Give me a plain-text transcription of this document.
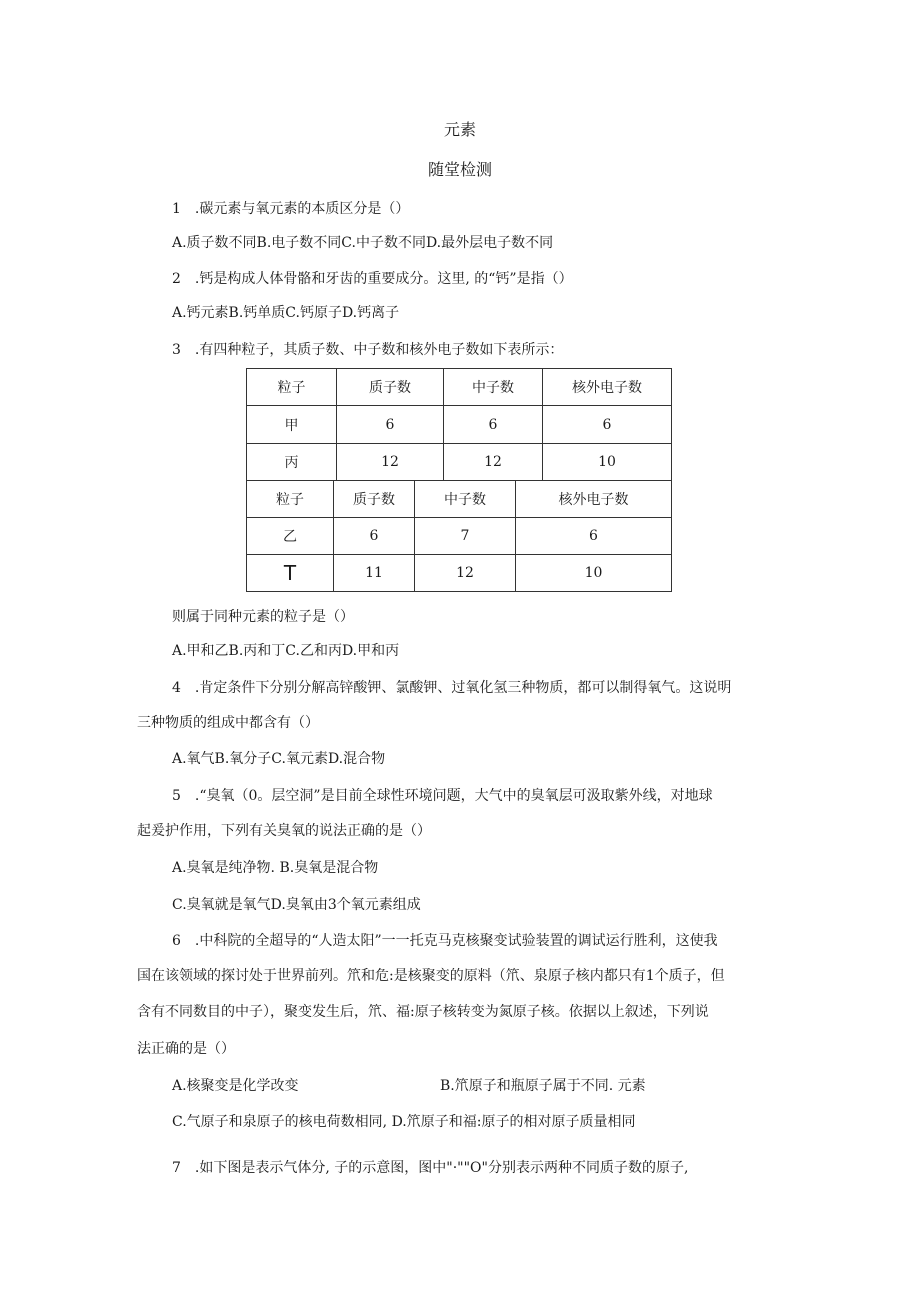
元素
随堂检测
1　.碳元素与氧元素的本质区分是（）
A.质子数不同B.电子数不同C.中子数不同D.最外层电子数不同
2　.钙是构成人体骨骼和牙齿的重要成分。这里, 的“钙”是指（）
A.钙元素B.钙单质C.钙原子D.钙离子
3　.有四种粒子，其质子数、中子数和核外电子数如下表所示：
粒子	质子数	中子数	核外电子数
甲	6	6	6
丙	12	12	10
粒子	质子数	中子数	核外电子数
乙	6	7	6
T	11	12	10
则属于同种元素的粒子是（）
A.甲和乙B.丙和丁C.乙和丙D.甲和丙
4　.肯定条件下分别分解高锌酸钾、氯酸钾、过氧化氢三种物质，都可以制得氧气。这说明
三种物质的组成中都含有（）
A.氧气B.氧分子C.氧元素D.混合物
5　.“臭氧（0。层空洞”是目前全球性环境问题，大气中的臭氧层可汲取紫外线，对地球
起爰护作用，下列有关臭氧的说法正确的是（）
A.臭氧是纯净物. B.臭氧是混合物
C.臭氧就是氧气D.臭氧由3个氧元素组成
6　.中科院的全超导的“人造太阳”一一托克马克核聚变试验装置的调试运行胜利，这使我
国在该领域的探讨处于世界前列。笊和危:是核聚变的原料（笊、泉原子核内都只有1个质子，但
含有不同数目的中子），聚变发生后，笊、福:原子核转变为氮原子核。依据以上叙述，下列说
法正确的是（）
A.核聚变是化学改变	B.笊原子和瓶原子属于不同. 元素
C.气原子和泉原子的核电荷数相同, D.笊原子和福:原子的相对原子质量相同
7　.如下图是表示气体分, 子的示意图，图中"·""O"分别表示两种不同质子数的原子,
